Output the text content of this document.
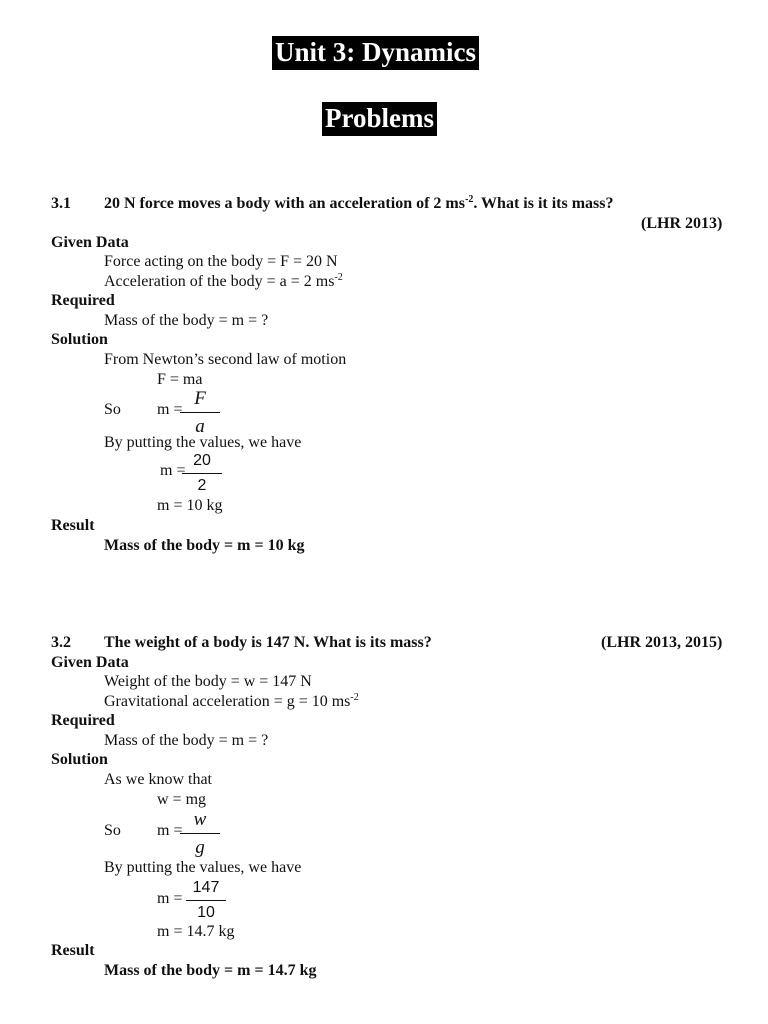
Unit 3: Dynamics
Problems
3.1 20 N force moves a body with an acceleration of 2 $ms^{-2}$. What is it its mass?
(LHR 2013)
Given Data
Force acting on the body = F = 20 N
Acceleration of the body = a = 2 $ms^{-2}$
Required
Mass of the body = m = ?
Solution
From Newton’s second law of motion
F = ma
So m =
F
a
By putting the values, we have
m =
20
2
m = 10 kg
Result
Mass of the body = m = 10 kg
3.2 The weight of a body is 147 N. What is its mass?	(LHR 2013, 2015)
Given Data
Weight of the body = w = 147 N
Gravitational acceleration = g = 10 $ms^{-2}$
Required
Mass of the body = m = ?
Solution
As we know that
w = mg
So m =
w
g
By putting the values, we have
m =
147
10
m = 14.7 kg
Result
Mass of the body = m = 14.7 kg
